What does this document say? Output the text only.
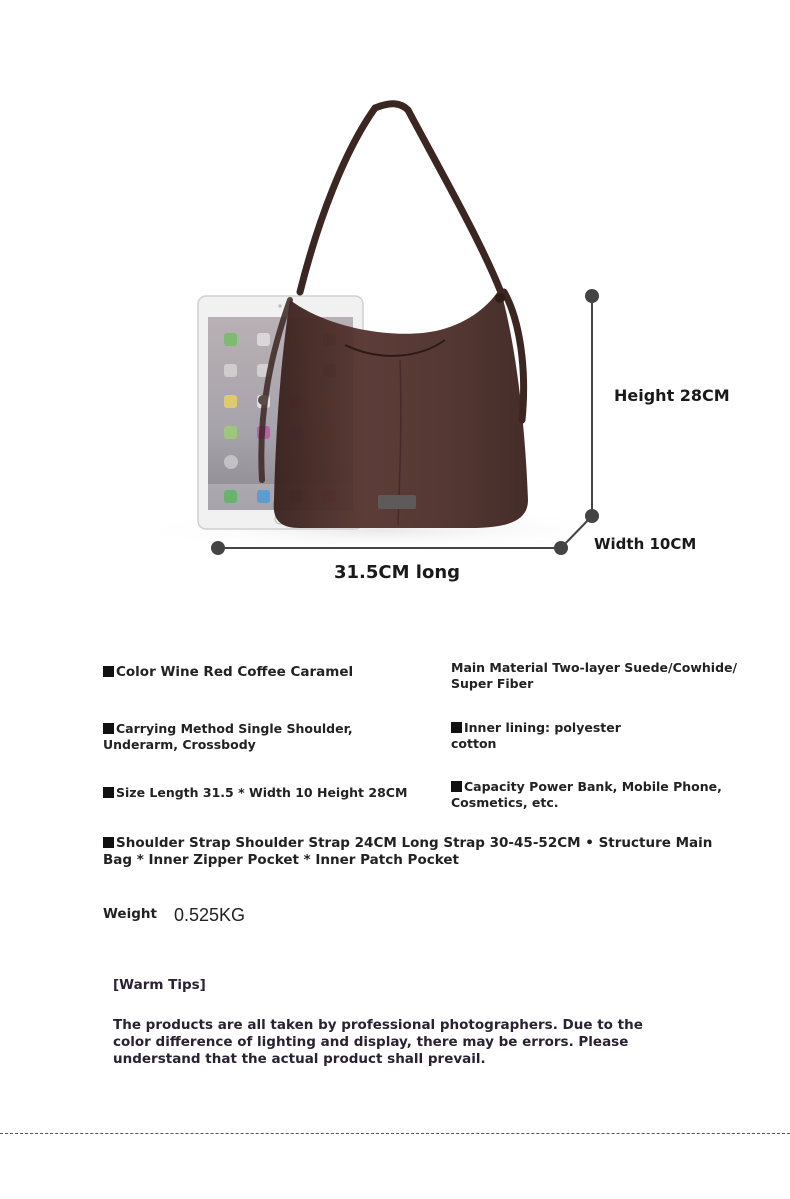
Height 28CM
Width 10CM
31.5CM long
Color Wine Red Coffee Caramel	Main Material Two-layer Suede/Cowhide/ Super Fiber
Carrying Method Single Shoulder, Underarm, Crossbody
Inner lining: polyester cotton
Size Length 31.5 * Width 10 Height 28CM	Capacity Power Bank, Mobile Phone, Cosmetics, etc.
Shoulder Strap Shoulder Strap 24CM Long Strap 30-45-52CM • Structure Main Bag * Inner Zipper Pocket * Inner Patch Pocket
Weight 0.525KG
[Warm Tips]
The products are all taken by professional photographers. Due to the color difference of lighting and display, there may be errors. Please understand that the actual product shall prevail.
